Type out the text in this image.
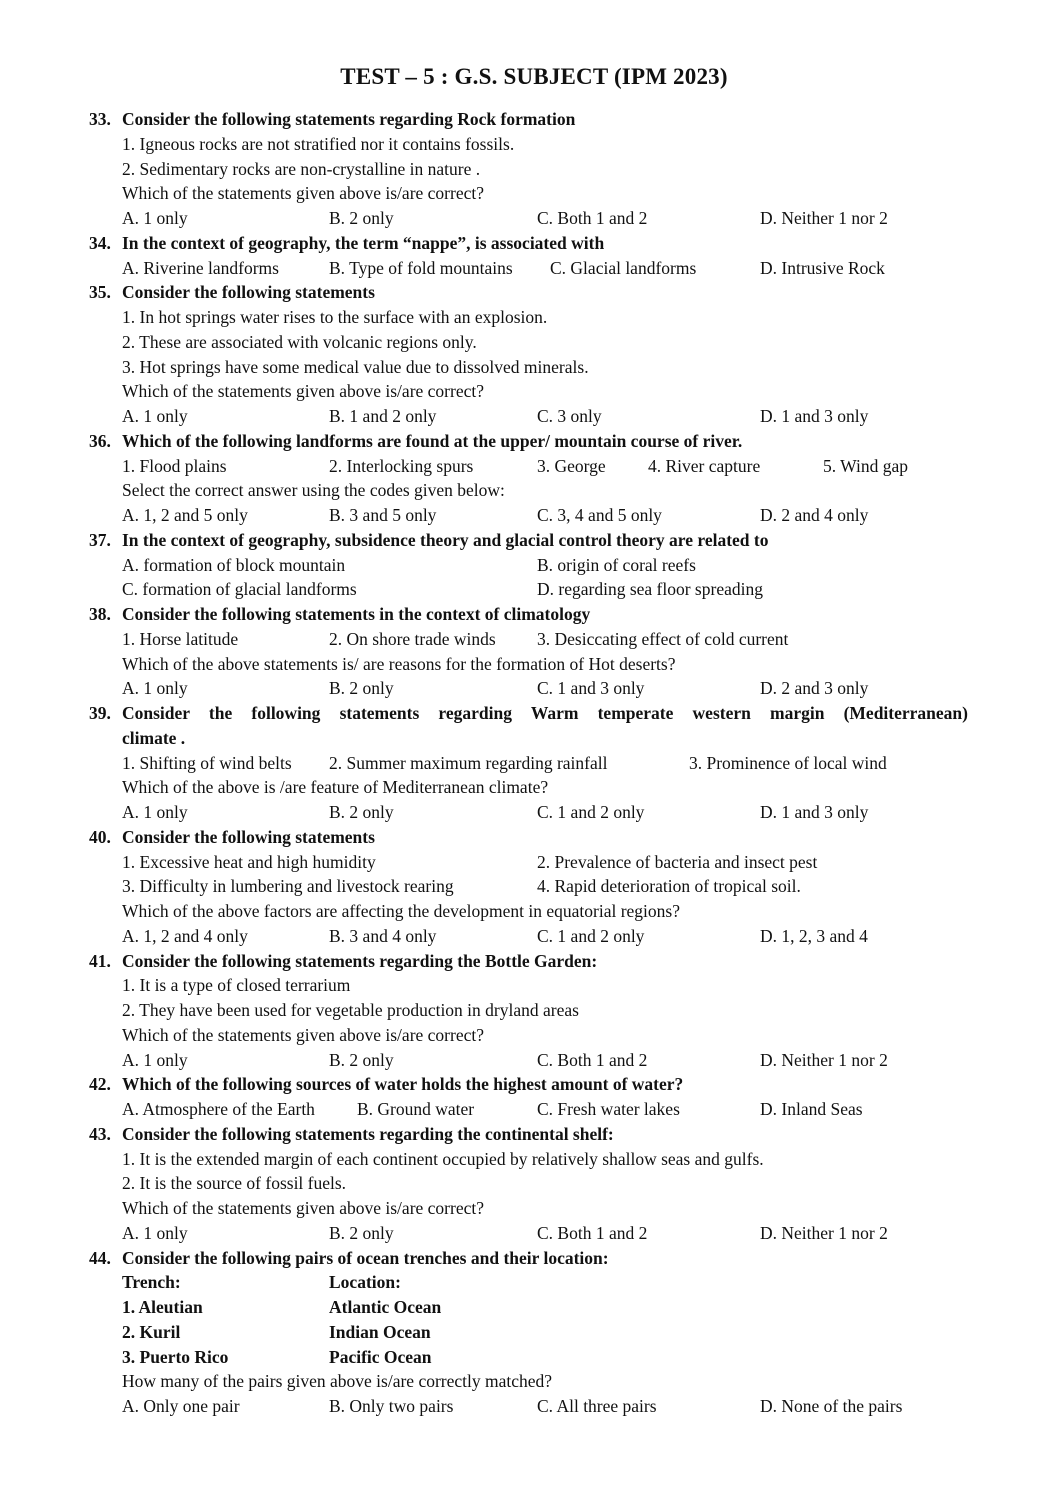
TEST – 5 : G.S. SUBJECT (IPM 2023)
33. Consider the following statements regarding Rock formation
1. Igneous rocks are not stratified nor it contains fossils.
2. Sedimentary rocks are non-crystalline in nature .
Which of the statements given above is/are correct?
A. 1 only	B. 2 only	C. Both 1 and 2	D. Neither 1 nor 2
34. In the context of geography, the term “nappe”, is associated with
A. Riverine landforms	B. Type of fold mountains C. Glacial landforms	D. Intrusive Rock
35. Consider the following statements
1. In hot springs water rises to the surface with an explosion.
2. These are associated with volcanic regions only.
3. Hot springs have some medical value due to dissolved minerals.
Which of the statements given above is/are correct?
A. 1 only	B. 1 and 2 only	C. 3 only	D. 1 and 3 only
36. Which of the following landforms are found at the upper/ mountain course of river.
1. Flood plains	2. Interlocking spurs	3. George 4. River capture	5. Wind gap
Select the correct answer using the codes given below:
A. 1, 2 and 5 only	B. 3 and 5 only	C. 3, 4 and 5 only	D. 2 and 4 only
37. In the context of geography, subsidence theory and glacial control theory are related to
A. formation of block mountain	B. origin of coral reefs
C. formation of glacial landforms	D. regarding sea floor spreading
38. Consider the following statements in the context of climatology
1. Horse latitude	2. On shore trade winds 3. Desiccating effect of cold current
Which of the above statements is/ are reasons for the formation of Hot deserts?
A. 1 only	B. 2 only	C. 1 and 3 only	D. 2 and 3 only
39. Consider the following statements regarding Warm temperate western margin (Mediterranean)
climate .
1. Shifting of wind belts 2. Summer maximum regarding rainfall	3. Prominence of local wind
Which of the above is /are feature of Mediterranean climate?
A. 1 only	B. 2 only	C. 1 and 2 only	D. 1 and 3 only
40. Consider the following statements
1. Excessive heat and high humidity	2. Prevalence of bacteria and insect pest
3. Difficulty in lumbering and livestock rearing	4. Rapid deterioration of tropical soil.
Which of the above factors are affecting the development in equatorial regions?
A. 1, 2 and 4 only	B. 3 and 4 only	C. 1 and 2 only	D. 1, 2, 3 and 4
41. Consider the following statements regarding the Bottle Garden:
1. It is a type of closed terrarium
2. They have been used for vegetable production in dryland areas
Which of the statements given above is/are correct?
A. 1 only	B. 2 only	C. Both 1 and 2	D. Neither 1 nor 2
42. Which of the following sources of water holds the highest amount of water?
A. Atmosphere of the Earth B. Ground water	C. Fresh water lakes	D. Inland Seas
43. Consider the following statements regarding the continental shelf:
1. It is the extended margin of each continent occupied by relatively shallow seas and gulfs.
2. It is the source of fossil fuels.
Which of the statements given above is/are correct?
A. 1 only	B. 2 only	C. Both 1 and 2	D. Neither 1 nor 2
44. Consider the following pairs of ocean trenches and their location:
Trench:	Location:
1. Aleutian	Atlantic Ocean
2. Kuril	Indian Ocean
3. Puerto Rico	Pacific Ocean
How many of the pairs given above is/are correctly matched?
A. Only one pair	B. Only two pairs	C. All three pairs	D. None of the pairs
